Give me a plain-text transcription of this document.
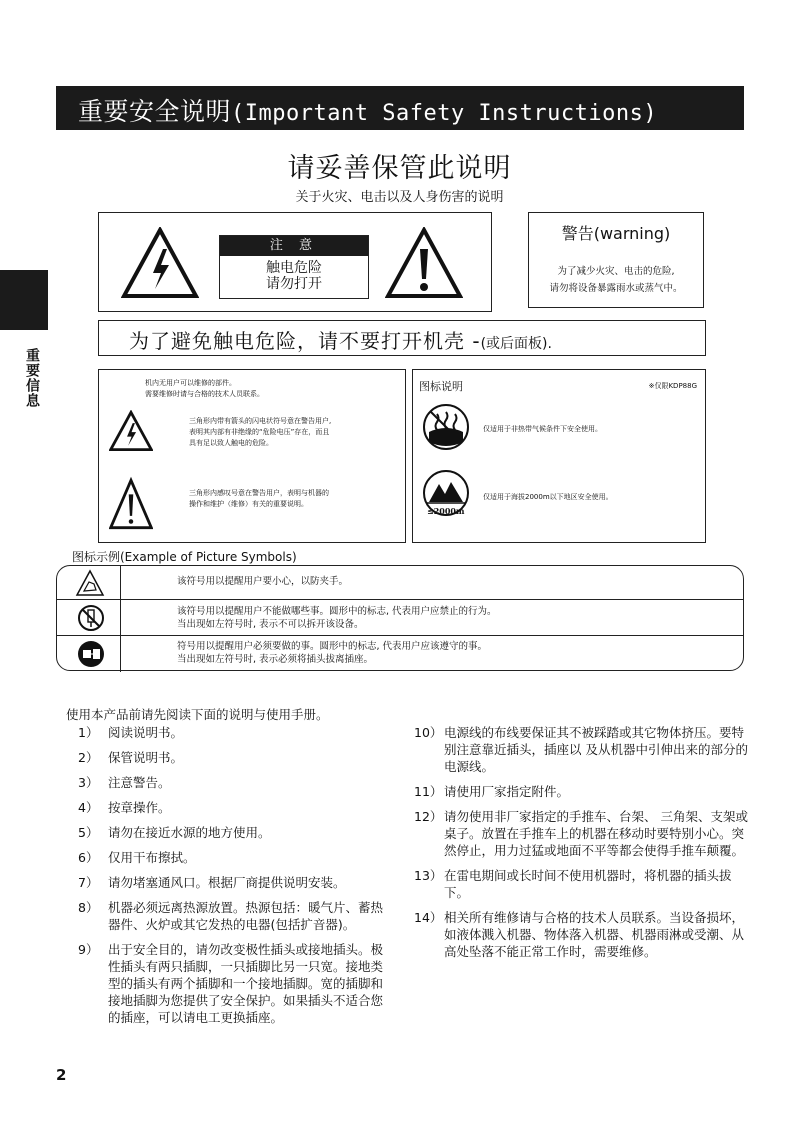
重要安全说明(Important Safety Instructions)
重要信息
请妥善保管此说明
关于火灾、电击以及人身伤害的说明
注 意
触电危险
请勿打开
警告(warning)
为了减少火灾、电击的危险,
请勿将设备暴露雨水或蒸气中。
为了避免触电危险，请不要打开机壳 -(或后面板).
机内无用户可以维修的部件。
需要维修时请与合格的技术人员联系。
三角形内带有箭头的闪电状符号意在警告用户,
表明其内部有非绝缘的“危险电压”存在，而且
具有足以致人触电的危险。
三角形内感叹号意在警告用户，表明与机器的
操作和维护（维修）有关的重要说明。
图标说明	※仅限KDP88G
仅适用于非热带气候条件下安全使用。
≤2000m
仅适用于海拔2000m以下地区安全使用。
图标示例(Example of Picture Symbols)
该符号用以提醒用户要小心，以防夹手。
该符号用以提醒用户不能做哪些事。圆形中的标志, 代表用户应禁止的行为。
当出现如左符号时, 表示不可以拆开该设备。
符号用以提醒用户必须要做的事。圆形中的标志, 代表用户应该遵守的事。
当出现如左符号时, 表示必须将插头拔离插座。
使用本产品前请先阅读下面的说明与使用手册。
1） 阅读说明书。
2） 保管说明书。
3） 注意警告。
4） 按章操作。
5） 请勿在接近水源的地方使用。
6） 仅用干布擦拭。
7） 请勿堵塞通风口。根据厂商提供说明安装。
8） 机器必须远离热源放置。热源包括：暖气片、蓄热器件、火炉或其它发热的电器(包括扩音器)。
9） 出于安全目的，请勿改变极性插头或接地插头。极性插头有两只插脚，一只插脚比另一只宽。接地类型的插头有两个插脚和一个接地插脚。宽的插脚和接地插脚为您提供了安全保护。如果插头不适合您的插座，可以请电工更换插座。
10） 电源线的布线要保证其不被踩踏或其它物体挤压。要特别注意靠近插头，插座以 及从机器中引伸出来的部分的电源线。
11） 请使用厂家指定附件。
12） 请勿使用非厂家指定的手推车、台架、 三角架、支架或桌子。放置在手推车上的机器在移动时要特别小心。突然停止，用力过猛或地面不平等都会使得手推车颠覆。
13） 在雷电期间或长时间不使用机器时，将机器的插头拔下。
14） 相关所有维修请与合格的技术人员联系。当设备损坏，如液体溅入机器、物体落入机器、机器雨淋或受潮、从高处坠落不能正常工作时，需要维修。
2
